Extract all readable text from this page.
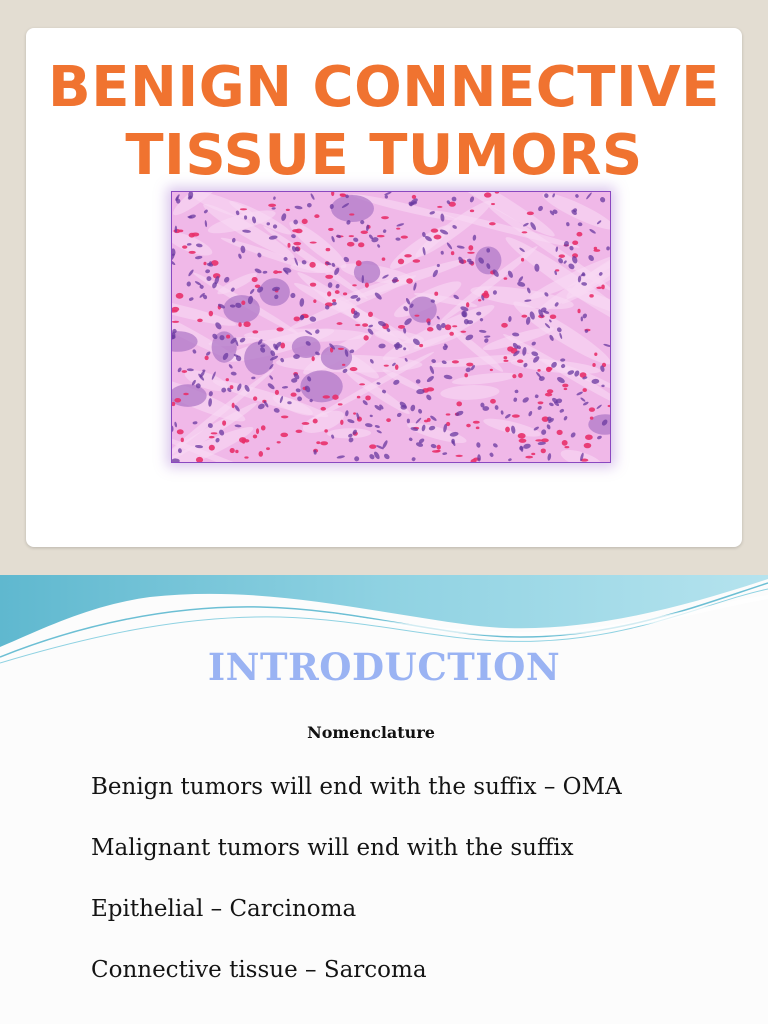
BENIGN CONNECTIVE
TISSUE TUMORS
INTRODUCTION
Nomenclature

Benign tumors will end with the suffix – OMA

Malignant tumors will end with the suffix

Epithelial – Carcinoma

Connective tissue – Sarcoma
